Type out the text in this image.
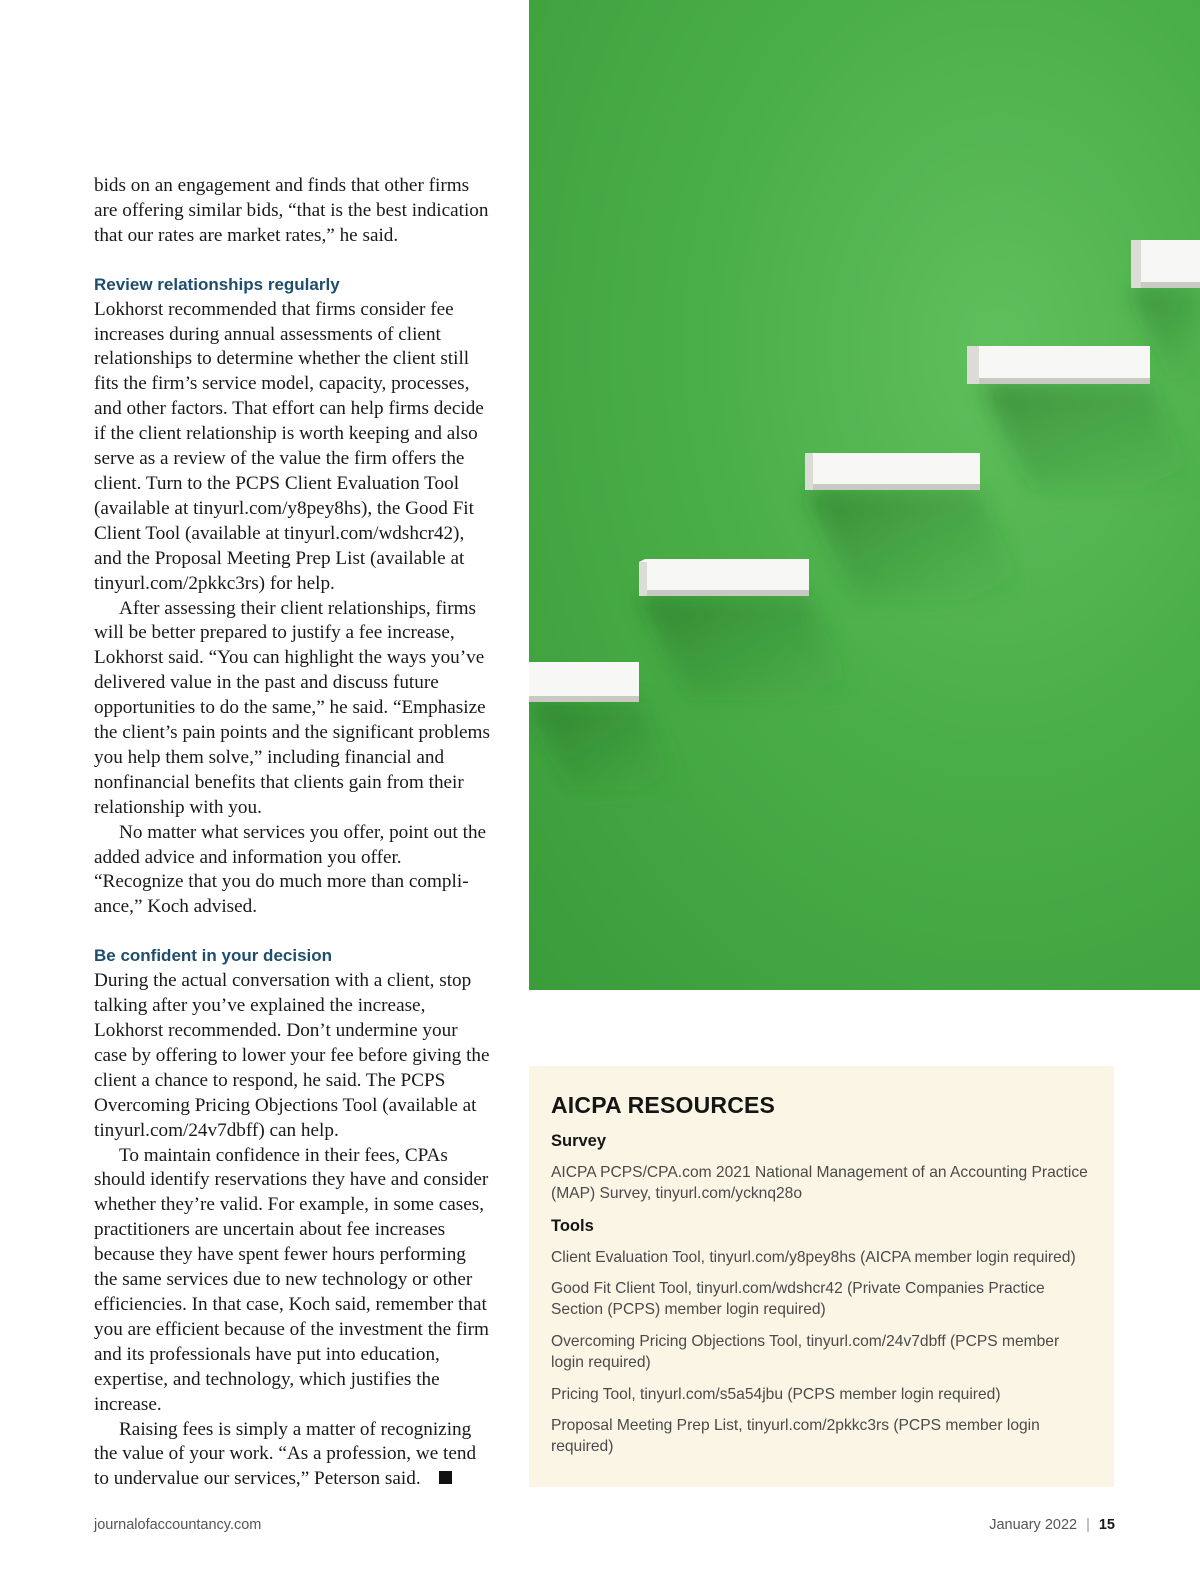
bids on an engagement and finds that other firms are offering similar bids, “that is the best indication that our rates are market rates,” he said.

Review relationships regularly

Lokhorst recommended that firms consider fee increases during annual assessments of client relationships to determine whether the client still fits the firm’s service model, capacity, processes, and other factors. That effort can help firms decide if the client relationship is worth keeping and also serve as a review of the value the firm offers the client. Turn to the PCPS Client Evaluation Tool (available at tinyurl.com/y8pey8hs), the Good Fit Client Tool (available at tinyurl.com/wdshcr42), and the Proposal Meeting Prep List (available at tinyurl.com/2pkkc3rs) for help.

After assessing their client relationships, firms will be better prepared to justify a fee increase, Lokhorst said. “You can highlight the ways you’ve delivered value in the past and discuss future opportunities to do the same,” he said. “Emphasize the client’s pain points and the significant problems you help them solve,” including financial and nonfinancial benefits that clients gain from their relationship with you.

No matter what services you offer, point out the added advice and information you offer. “Recognize that you do much more than compliance,” Koch advised.

Be confident in your decision

During the actual conversation with a client, stop talking after you’ve explained the increase, Lokhorst recommended. Don’t undermine your case by offering to lower your fee before giving the client a chance to respond, he said. The PCPS Overcoming Pricing Objections Tool (available at tinyurl.com/24v7dbff) can help.

To maintain confidence in their fees, CPAs should identify reservations they have and consider whether they’re valid. For example, in some cases, practitioners are uncertain about fee increases because they have spent fewer hours performing the same services due to new technology or other efficiencies. In that case, Koch said, remember that you are efficient because of the investment the firm and its professionals have put into education, expertise, and technology, which justifies the increase.

Raising fees is simply a matter of recognizing the value of your work. “As a profession, we tend to undervalue our services,” Peterson said.

AICPA RESOURCES
Survey
AICPA PCPS/CPA.com 2021 National Management of an Accounting Practice (MAP) Survey, tinyurl.com/ycknq28o
Tools
Client Evaluation Tool, tinyurl.com/y8pey8hs (AICPA member login required)
Good Fit Client Tool, tinyurl.com/wdshcr42 (Private Companies Practice Section (PCPS) member login required)
Overcoming Pricing Objections Tool, tinyurl.com/24v7dbff (PCPS member login required)
Pricing Tool, tinyurl.com/s5a54jbu (PCPS member login required)
Proposal Meeting Prep List, tinyurl.com/2pkkc3rs (PCPS member login required)
journalofaccountancy.com	January 2022 | 15
